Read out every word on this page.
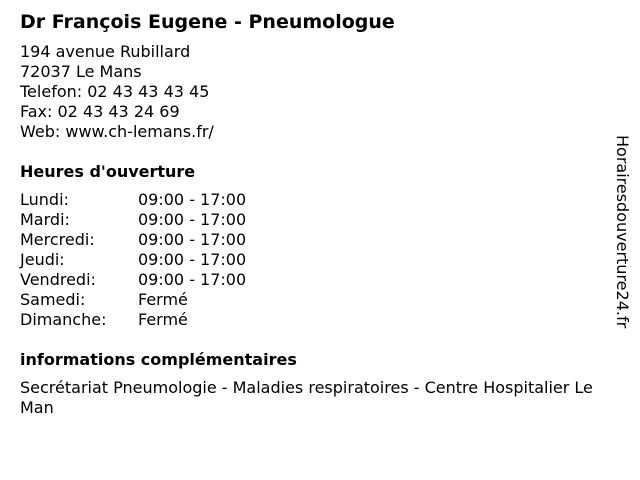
Dr François Eugene - Pneumologue
194 avenue Rubillard
72037 Le Mans
Telefon: 02 43 43 43 45
Fax: 02 43 43 24 69
Web: www.ch-lemans.fr/
Heures d'ouverture
Lundi:	09:00 - 17:00
Mardi:	09:00 - 17:00
Mercredi:	09:00 - 17:00
Jeudi:	09:00 - 17:00
Vendredi:	09:00 - 17:00
Samedi:	Fermé
Dimanche:	Fermé
informations complémentaires
Secrétariat Pneumologie - Maladies respiratoires - Centre Hospitalier Le Man
Horairesdouverture24.fr
